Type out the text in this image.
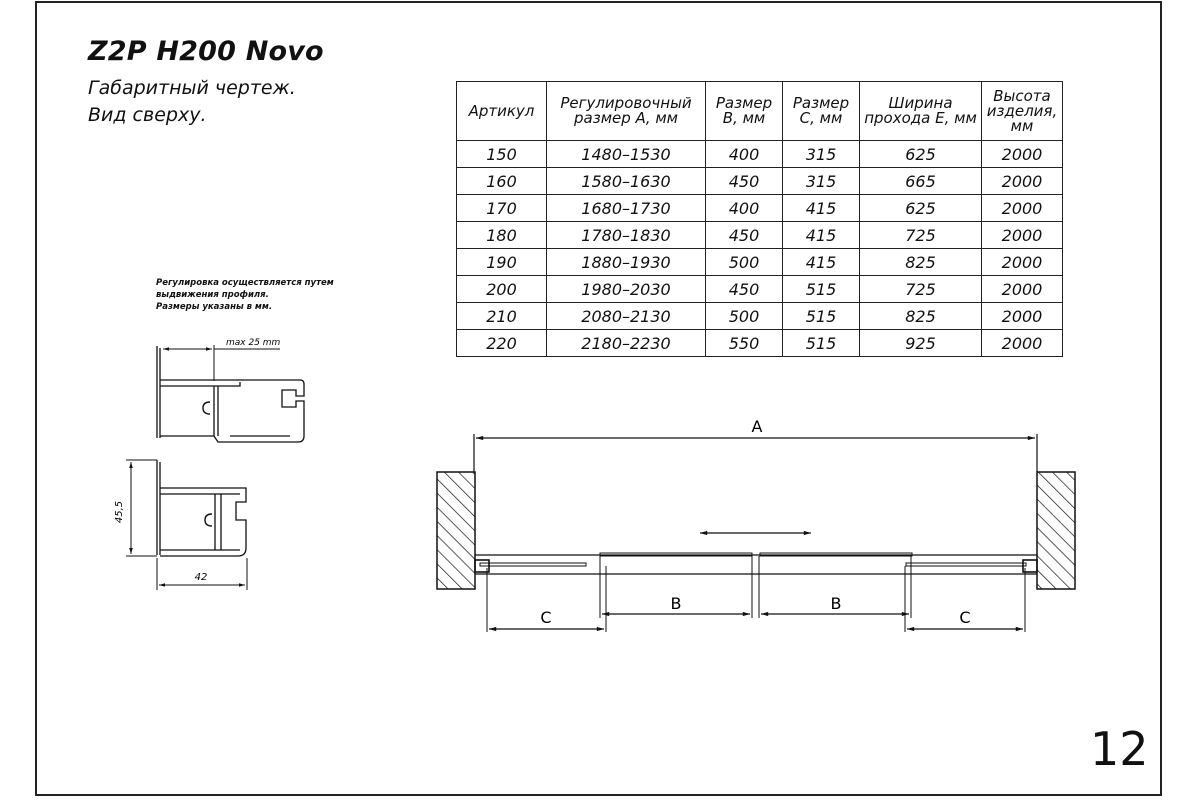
Z2P H200 Novo
Габаритный чертеж.
Вид сверху.	Артикул	Регулировочный размер А, мм	Размер В, мм	Размер С, мм	Ширина прохода Е, мм	Высота изделия, мм
150	1480–1530	400	315	625	2000
160	1580–1630	450	315	665	2000
170	1680–1730	400	415	625	2000
180	1780–1830	450	415	725	2000
190	1880–1930	500	415	825	2000
200	1980–2030	450	515	725	2000
210	2080–2130	500	515	825	2000
220	2180–2230	550	515	925	2000
Регулировка осуществляется путем
выдвижения профиля.
Размеры указаны в мм.
max 25 mm
45,5
42
A
B	B
C	C
12
